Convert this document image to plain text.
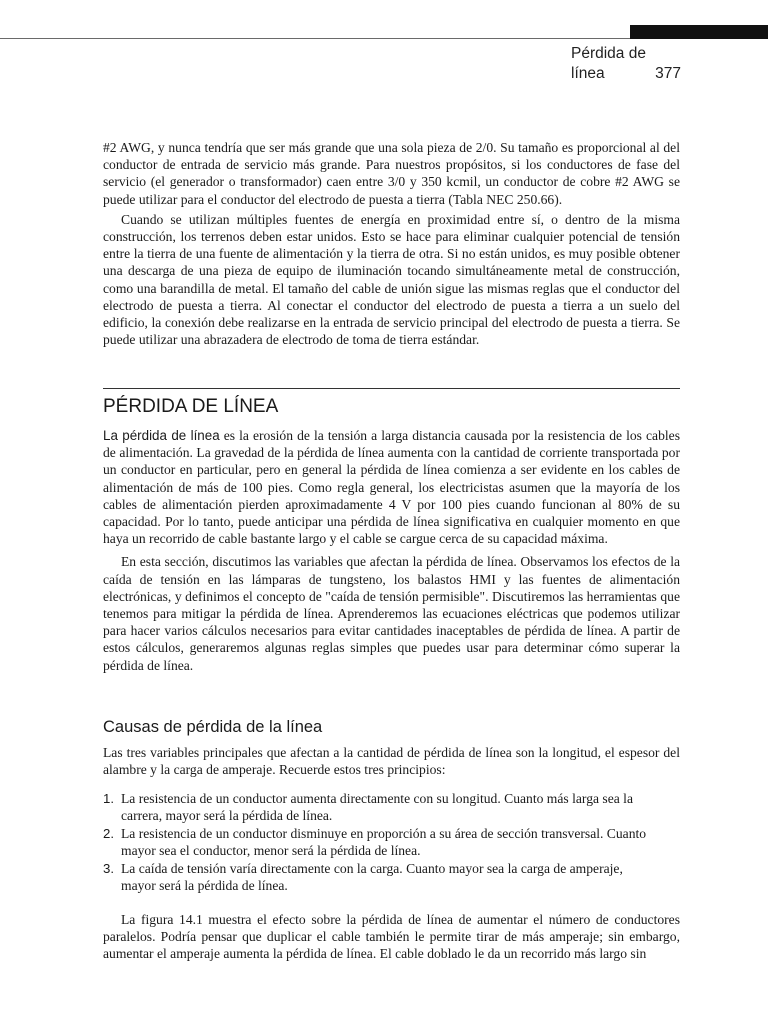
Pérdida de
línea	377

#2 AWG, y nunca tendría que ser más grande que una sola pieza de 2/0. Su tamaño es proporcional al del conductor de entrada de servicio más grande. Para nuestros propósitos, si los conductores de fase del servicio (el generador o transformador) caen entre 3/0 y 350 kcmil, un conductor de cobre #2 AWG se puede utilizar para el conductor del electrodo de puesta a tierra (Tabla NEC 250.66).

Cuando se utilizan múltiples fuentes de energía en proximidad entre sí, o dentro de la misma construcción, los terrenos deben estar unidos. Esto se hace para eliminar cualquier potencial de tensión entre la tierra de una fuente de alimentación y la tierra de otra. Si no están unidos, es muy posible obtener una descarga de una pieza de equipo de iluminación tocando simultáneamente metal de construcción, como una barandilla de metal. El tamaño del cable de unión sigue las mismas reglas que el conductor del electrodo de puesta a tierra. Al conectar el conductor del electrodo de puesta a tierra a un suelo del edificio, la conexión debe realizarse en la entrada de servicio principal del electrodo de puesta a tierra. Se puede utilizar una abrazadera de electrodo de toma de tierra estándar.

PÉRDIDA DE LÍNEA

La pérdida de línea es la erosión de la tensión a larga distancia causada por la resistencia de los cables de alimentación. La gravedad de la pérdida de línea aumenta con la cantidad de corriente transportada por un conductor en particular, pero en general la pérdida de línea comienza a ser evidente en los cables de alimentación de más de 100 pies. Como regla general, los electricistas asumen que la mayoría de los cables de alimentación pierden aproximadamente 4 V por 100 pies cuando funcionan al 80% de su capacidad. Por lo tanto, puede anticipar una pérdida de línea significativa en cualquier momento en que haya un recorrido de cable bastante largo y el cable se cargue cerca de su capacidad máxima.

En esta sección, discutimos las variables que afectan la pérdida de línea. Observamos los efectos de la caída de tensión en las lámparas de tungsteno, los balastos HMI y las fuentes de alimentación electrónicas, y definimos el concepto de "caída de tensión permisible". Discutiremos las herramientas que tenemos para mitigar la pérdida de línea. Aprenderemos las ecuaciones eléctricas que podemos utilizar para hacer varios cálculos necesarios para evitar cantidades inaceptables de pérdida de línea. A partir de estos cálculos, generaremos algunas reglas simples que puedes usar para determinar cómo superar la pérdida de línea.

Causas de pérdida de la línea

Las tres variables principales que afectan a la cantidad de pérdida de línea son la longitud, el espesor del alambre y la carga de amperaje. Recuerde estos tres principios:

1. La resistencia de un conductor aumenta directamente con su longitud. Cuanto más larga sea la carrera, mayor será la pérdida de línea.
2. La resistencia de un conductor disminuye en proporción a su área de sección transversal. Cuanto mayor sea el conductor, menor será la pérdida de línea.
3. La caída de tensión varía directamente con la carga. Cuanto mayor sea la carga de amperaje, mayor será la pérdida de línea.

La figura 14.1 muestra el efecto sobre la pérdida de línea de aumentar el número de conductores paralelos. Podría pensar que duplicar el cable también le permite tirar de más amperaje; sin embargo, aumentar el amperaje aumenta la pérdida de línea. El cable doblado le da un recorrido más largo sin
